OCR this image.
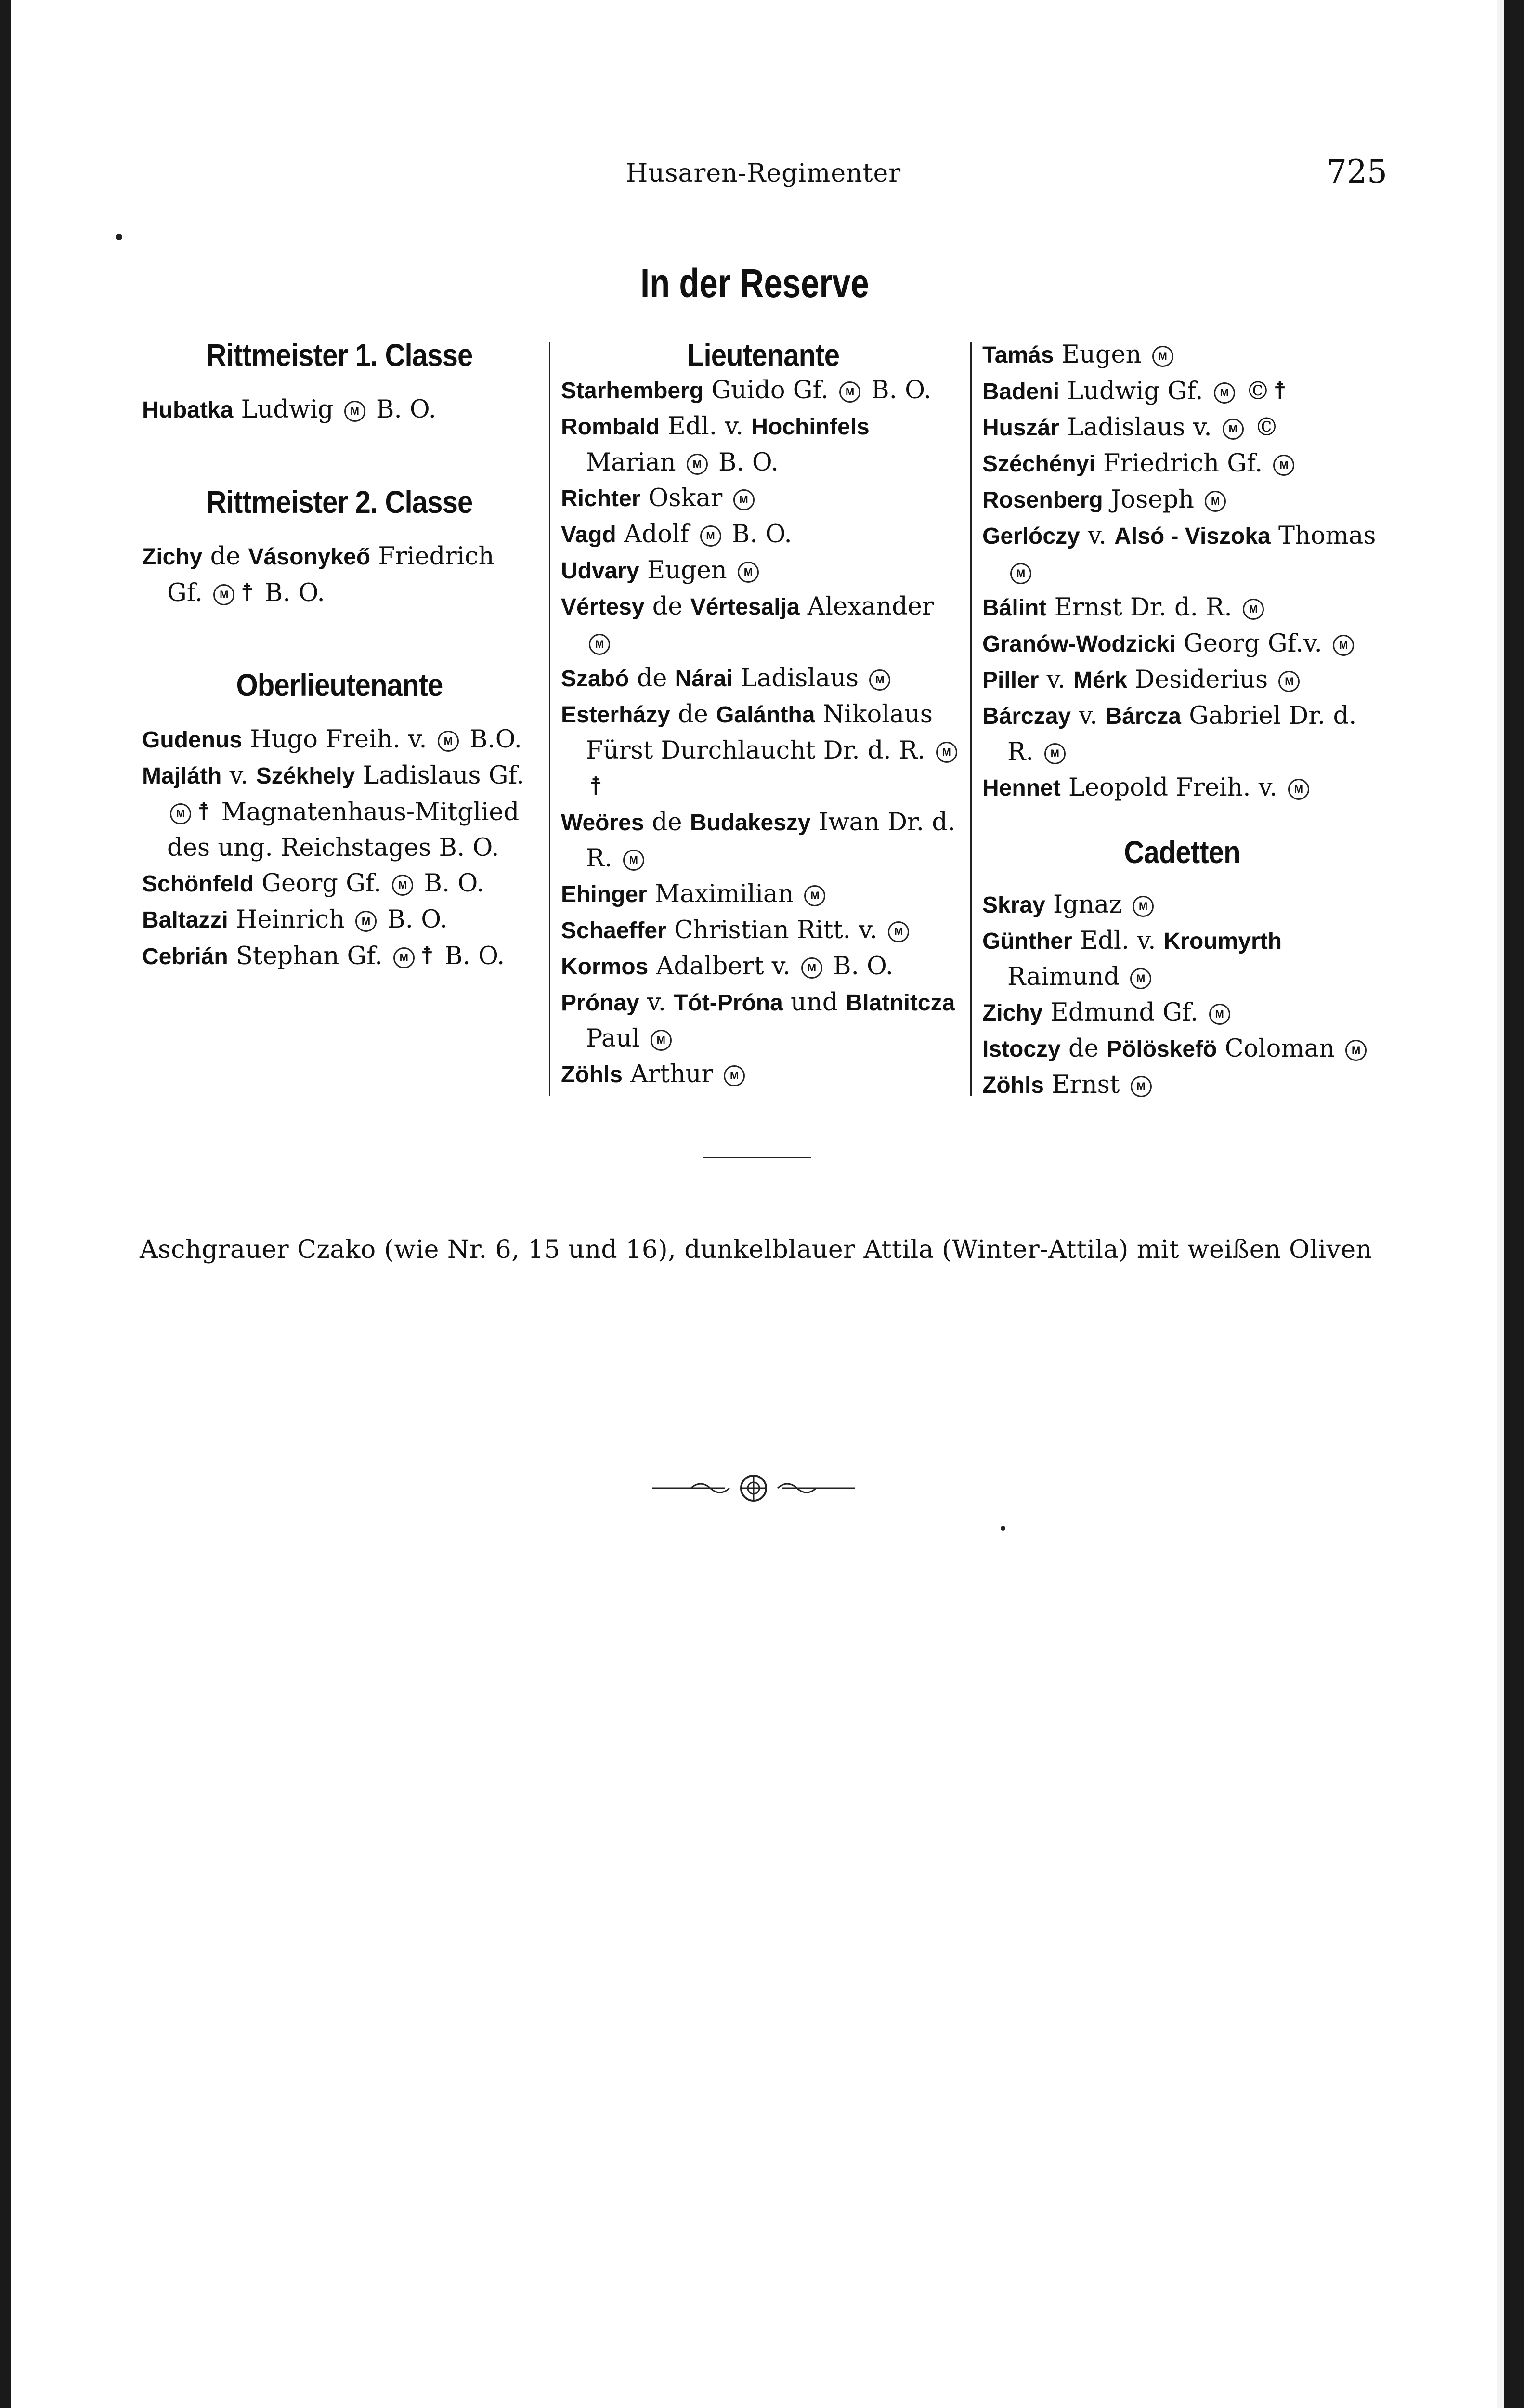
Husaren-Regimenter	725
In der Reserve

Rittmeister 1. Classe

Hubatka Ludwig M B. O.

Rittmeister 2. Classe

Zichy de Vásonykeő Friedrich Gf. M ☨ B. O.

Oberlieutenante

Gudenus Hugo Freih. v. M B.O.

Majláth v. Székhely Ladislaus Gf. M ☨ Magnatenhaus-Mitglied des ung. Reichstages B. O.

Schönfeld Georg Gf. M B. O.

Baltazzi Heinrich M B. O.

Cebrián Stephan Gf. M ☨ B. O.

Lieutenante

Starhemberg Guido Gf. M B. O.

Rombald Edl. v. Hochinfels Marian M B. O.

Richter Oskar M

Vagd Adolf M B. O.

Udvary Eugen M

Vértesy de Vértesalja Alexander M

Szabó de Nárai Ladislaus M

Esterházy de Galántha Nikolaus Fürst Durchlaucht Dr. d. R. M☨

Weöres de Budakeszy Iwan Dr. d. R. M

Ehinger Maximilian M

Schaeffer Christian Ritt. v. M

Kormos Adalbert v. M B. O.

Prónay v. Tót-Próna und Blatnitcza Paul M

Zöhls Arthur M

Tamás Eugen M

Badeni Ludwig Gf. M © ☨

Huszár Ladislaus v. M ©

Széchényi Friedrich Gf. M

Rosenberg Joseph M

Gerlóczy v. Alsó - Viszoka Thomas M

Bálint Ernst Dr. d. R. M

Granów-Wodzicki Georg Gf.v. M

Piller v. Mérk Desiderius M

Bárczay v. Bárcza Gabriel Dr. d. R. M

Hennet Leopold Freih. v. M

Cadetten

Skray Ignaz M

Günther Edl. v. Kroumyrth Raimund M

Zichy Edmund Gf. M

Istoczy de Pölöskefö Coloman M

Zöhls Ernst M

Aschgrauer Czako (wie Nr. 6, 15 und 16), dunkelblauer Attila (Winter-Attila) mit weißen Oliven
